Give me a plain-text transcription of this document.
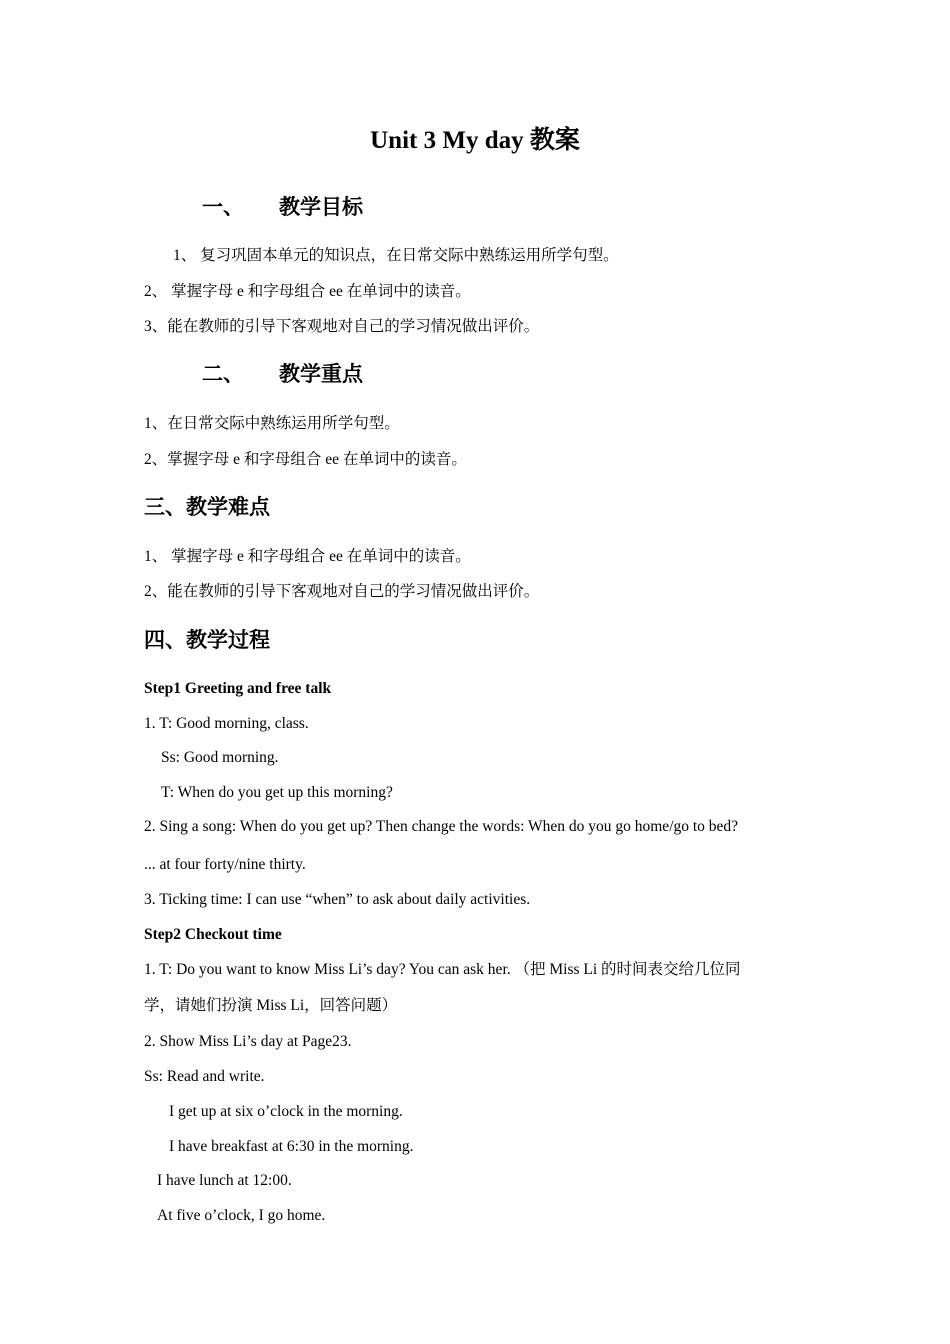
Unit 3 My day 教案
一、 教学目标
1、 复习巩固本单元的知识点，在日常交际中熟练运用所学句型。
2、 掌握字母 e 和字母组合 ee 在单词中的读音。
3、能在教师的引导下客观地对自己的学习情况做出评价。
二、 教学重点
1、在日常交际中熟练运用所学句型。
2、掌握字母 e 和字母组合 ee 在单词中的读音。
三、教学难点
1、 掌握字母 e 和字母组合 ee 在单词中的读音。
2、能在教师的引导下客观地对自己的学习情况做出评价。
四、教学过程
Step1 Greeting and free talk
1. T: Good morning, class.
Ss: Good morning.
T: When do you get up this morning?
2. Sing a song: When do you get up? Then change the words: When do you go home/go to bed?
... at four forty/nine thirty.
3. Ticking time: I can use “when” to ask about daily activities.
Step2 Checkout time
1. T: Do you want to know Miss Li’s day? You can ask her. （把 Miss Li 的时间表交给几位同
学，请她们扮演 Miss Li，回答问题）
2. Show Miss Li’s day at Page23.
Ss: Read and write.
I get up at six o’clock in the morning.
I have breakfast at 6:30 in the morning.
I have lunch at 12:00.
At five o’clock, I go home.
